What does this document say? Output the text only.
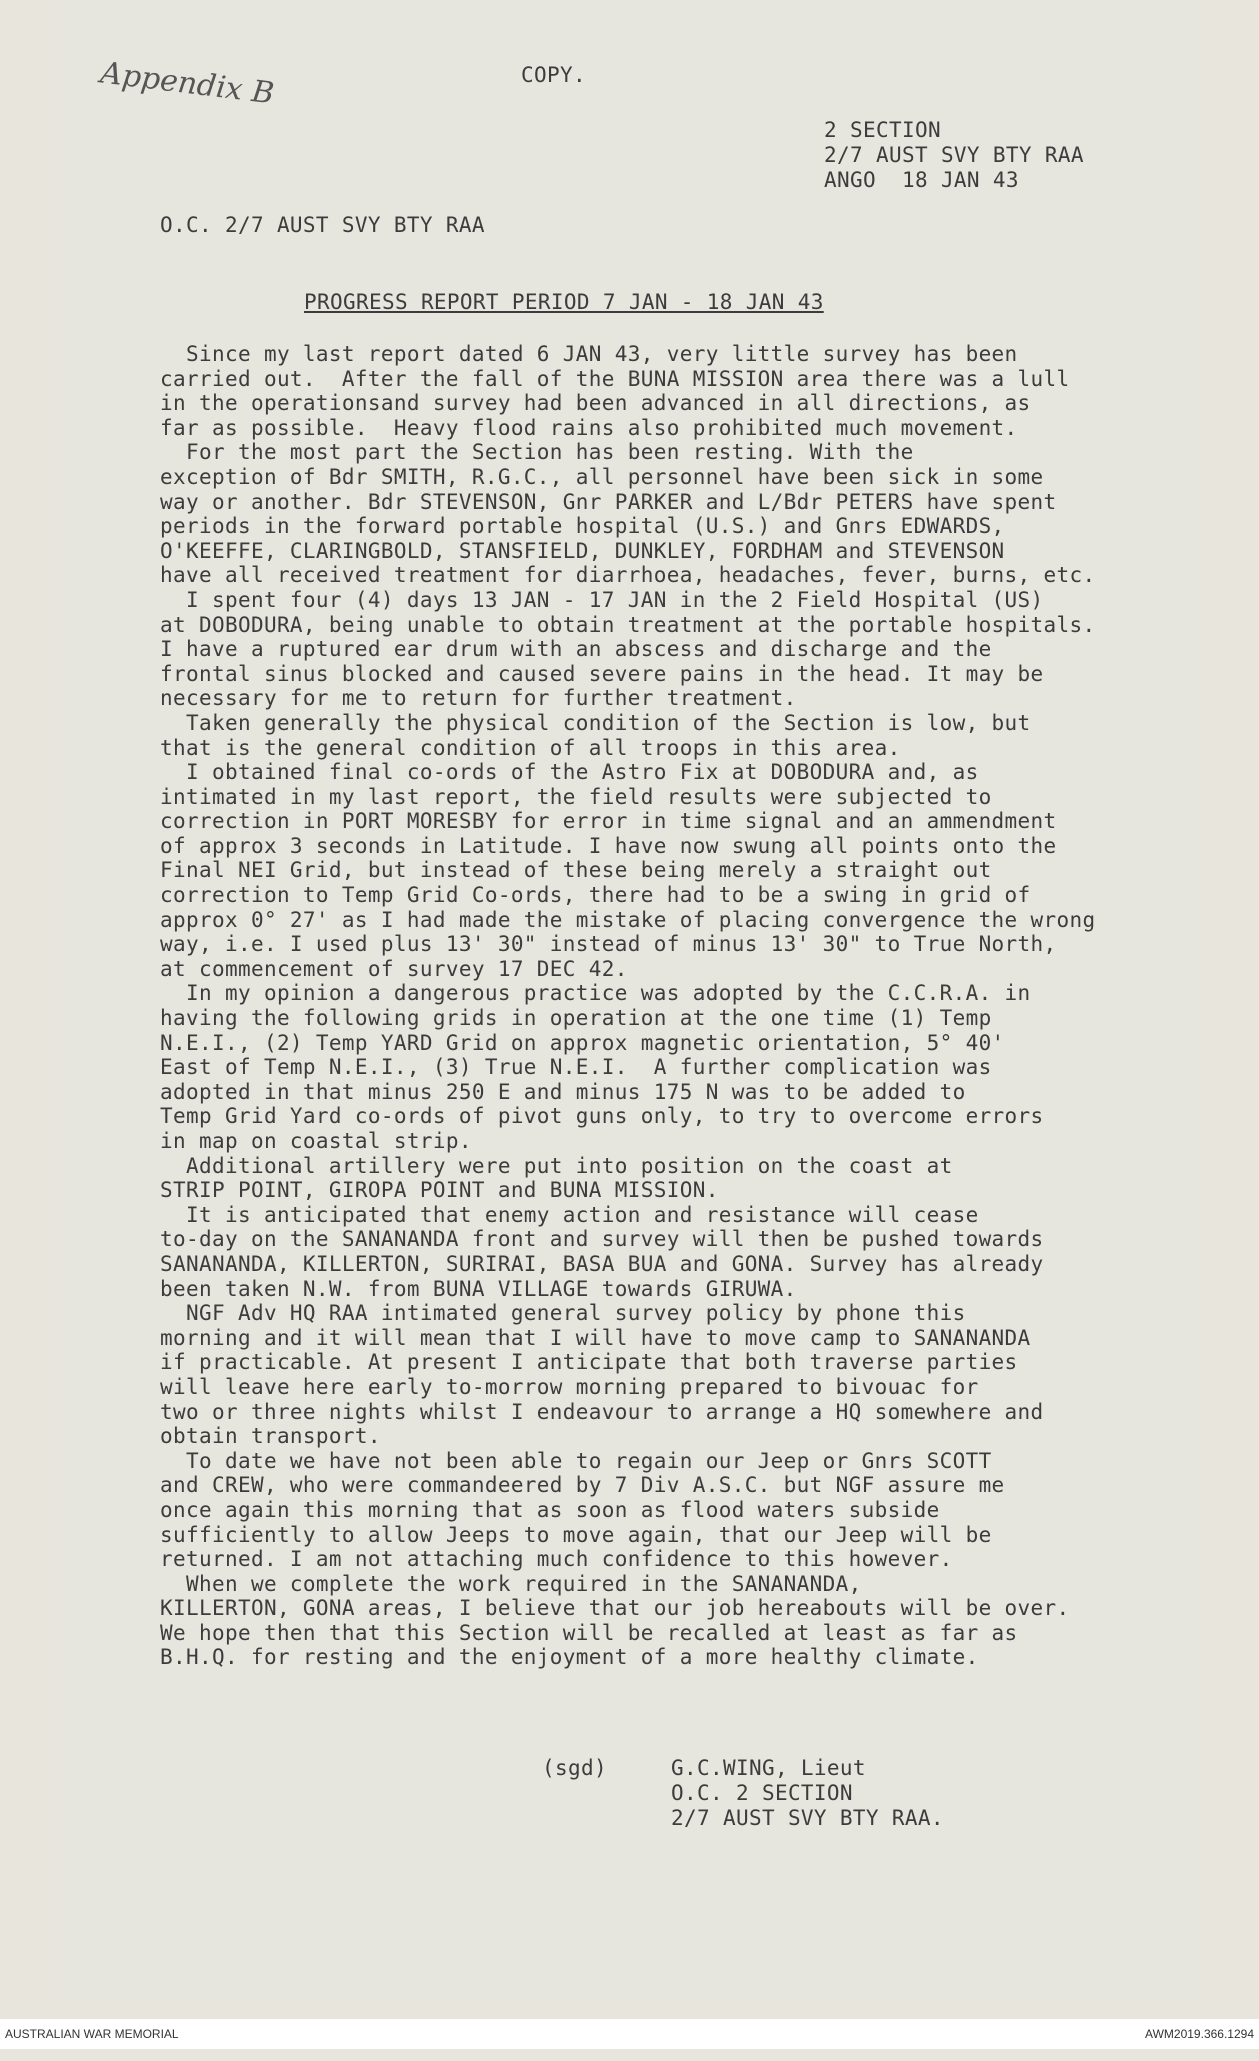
Appendix B	COPY.
2 SECTION
2/7 AUST SVY BTY RAA
ANGO  18 JAN 43
O.C. 2/7 AUST SVY BTY RAA
PROGRESS REPORT PERIOD 7 JAN - 18 JAN 43
Since my last report dated 6 JAN 43, very little survey has been
carried out.  After the fall of the BUNA MISSION area there was a lull
in the operationsand survey had been advanced in all directions, as
far as possible.  Heavy flood rains also prohibited much movement.
For the most part the Section has been resting. With the
exception of Bdr SMITH, R.G.C., all personnel have been sick in some
way or another. Bdr STEVENSON, Gnr PARKER and L/Bdr PETERS have spent
periods in the forward portable hospital (U.S.) and Gnrs EDWARDS,
O'KEEFFE, CLARINGBOLD, STANSFIELD, DUNKLEY, FORDHAM and STEVENSON
have all received treatment for diarrhoea, headaches, fever, burns, etc.
I spent four (4) days 13 JAN - 17 JAN in the 2 Field Hospital (US)
at DOBODURA, being unable to obtain treatment at the portable hospitals.
I have a ruptured ear drum with an abscess and discharge and the
frontal sinus blocked and caused severe pains in the head. It may be
necessary for me to return for further treatment.
Taken generally the physical condition of the Section is low, but
that is the general condition of all troops in this area.
I obtained final co-ords of the Astro Fix at DOBODURA and, as
intimated in my last report, the field results were subjected to
correction in PORT MORESBY for error in time signal and an ammendment
of approx 3 seconds in Latitude. I have now swung all points onto the
Final NEI Grid, but instead of these being merely a straight out
correction to Temp Grid Co-ords, there had to be a swing in grid of
approx 0° 27' as I had made the mistake of placing convergence the wrong
way, i.e. I used plus 13' 30" instead of minus 13' 30" to True North,
at commencement of survey 17 DEC 42.
In my opinion a dangerous practice was adopted by the C.C.R.A. in
having the following grids in operation at the one time (1) Temp
N.E.I., (2) Temp YARD Grid on approx magnetic orientation, 5° 40'
East of Temp N.E.I., (3) True N.E.I.  A further complication was
adopted in that minus 250 E and minus 175 N was to be added to
Temp Grid Yard co-ords of pivot guns only, to try to overcome errors
in map on coastal strip.
Additional artillery were put into position on the coast at
STRIP POINT, GIROPA POINT and BUNA MISSION.
It is anticipated that enemy action and resistance will cease
to-day on the SANANANDA front and survey will then be pushed towards
SANANANDA, KILLERTON, SURIRAI, BASA BUA and GONA. Survey has already
been taken N.W. from BUNA VILLAGE towards GIRUWA.
NGF Adv HQ RAA intimated general survey policy by phone this
morning and it will mean that I will have to move camp to SANANANDA
if practicable. At present I anticipate that both traverse parties
will leave here early to-morrow morning prepared to bivouac for
two or three nights whilst I endeavour to arrange a HQ somewhere and
obtain transport.
To date we have not been able to regain our Jeep or Gnrs SCOTT
and CREW, who were commandeered by 7 Div A.S.C. but NGF assure me
once again this morning that as soon as flood waters subside
sufficiently to allow Jeeps to move again, that our Jeep will be
returned. I am not attaching much confidence to this however.
When we complete the work required in the SANANANDA,
KILLERTON, GONA areas, I believe that our job hereabouts will be over.
We hope then that this Section will be recalled at least as far as
B.H.Q. for resting and the enjoyment of a more healthy climate.
(sgd)	G.C.WING, Lieut
O.C. 2 SECTION
2/7 AUST SVY BTY RAA.
AUSTRALIAN WAR MEMORIAL	AWM2019.366.1294
